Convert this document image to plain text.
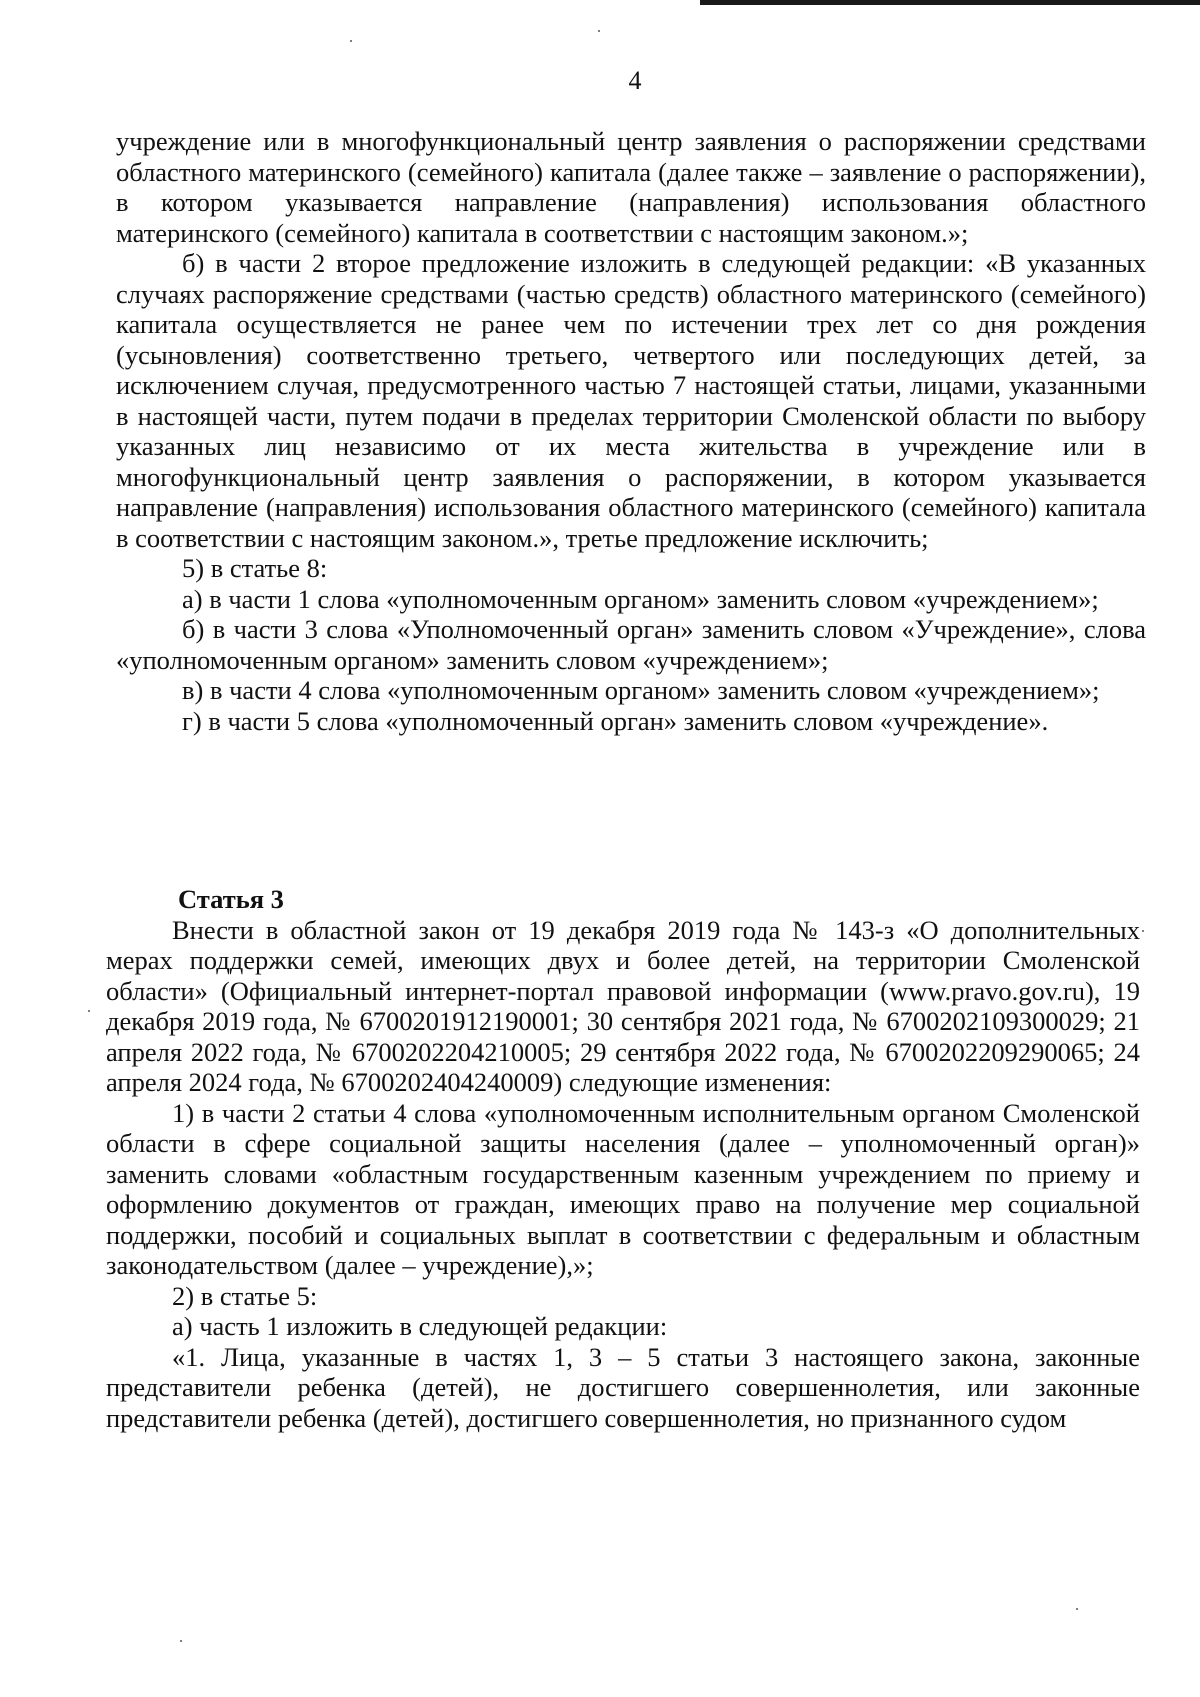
4

учреждение или в многофункциональный центр заявления о распоряжении средствами областного материнского (семейного) капитала (далее также – заявление о распоряжении), в котором указывается направление (направления) использования областного материнского (семейного) капитала в соответствии с настоящим законом.»;

б) в части 2 второе предложение изложить в следующей редакции: «В указанных случаях распоряжение средствами (частью средств) областного материнского (семейного) капитала осуществляется не ранее чем по истечении трех лет со дня рождения (усыновления) соответственно третьего, четвертого или последующих детей, за исключением случая, предусмотренного частью 7 настоящей статьи, лицами, указанными в настоящей части, путем подачи в пределах территории Смоленской области по выбору указанных лиц независимо от их места жительства в учреждение или в многофункциональный центр заявления о распоряжении, в котором указывается направление (направления) использования областного материнского (семейного) капитала в соответствии с настоящим законом.», третье предложение исключить;

5) в статье 8:

а) в части 1 слова «уполномоченным органом» заменить словом «учреждением»;

б) в части 3 слова «Уполномоченный орган» заменить словом «Учреждение», слова «уполномоченным органом» заменить словом «учреждением»;

в) в части 4 слова «уполномоченным органом» заменить словом «учреждением»;

г) в части 5 слова «уполномоченный орган» заменить словом «учреждение».

Статья 3

Внести в областной закон от 19 декабря 2019 года № 143-з «О дополнительных мерах поддержки семей, имеющих двух и более детей, на территории Смоленской области» (Официальный интернет-портал правовой информации (www.pravo.gov.ru), 19 декабря 2019 года, № 6700201912190001; 30 сентября 2021 года, № 6700202109300029; 21 апреля 2022 года, № 6700202204210005; 29 сентября 2022 года, № 6700202209290065; 24 апреля 2024 года, № 6700202404240009) следующие изменения:

1) в части 2 статьи 4 слова «уполномоченным исполнительным органом Смоленской области в сфере социальной защиты населения (далее – уполномоченный орган)» заменить словами «областным государственным казенным учреждением по приему и оформлению документов от граждан, имеющих право на получение мер социальной поддержки, пособий и социальных выплат в соответствии с федеральным и областным законодательством (далее – учреждение),»;

2) в статье 5:

а) часть 1 изложить в следующей редакции:

«1. Лица, указанные в частях 1, 3 – 5 статьи 3 настоящего закона, законные представители ребенка (детей), не достигшего совершеннолетия, или законные представители ребенка (детей), достигшего совершеннолетия, но признанного судом
